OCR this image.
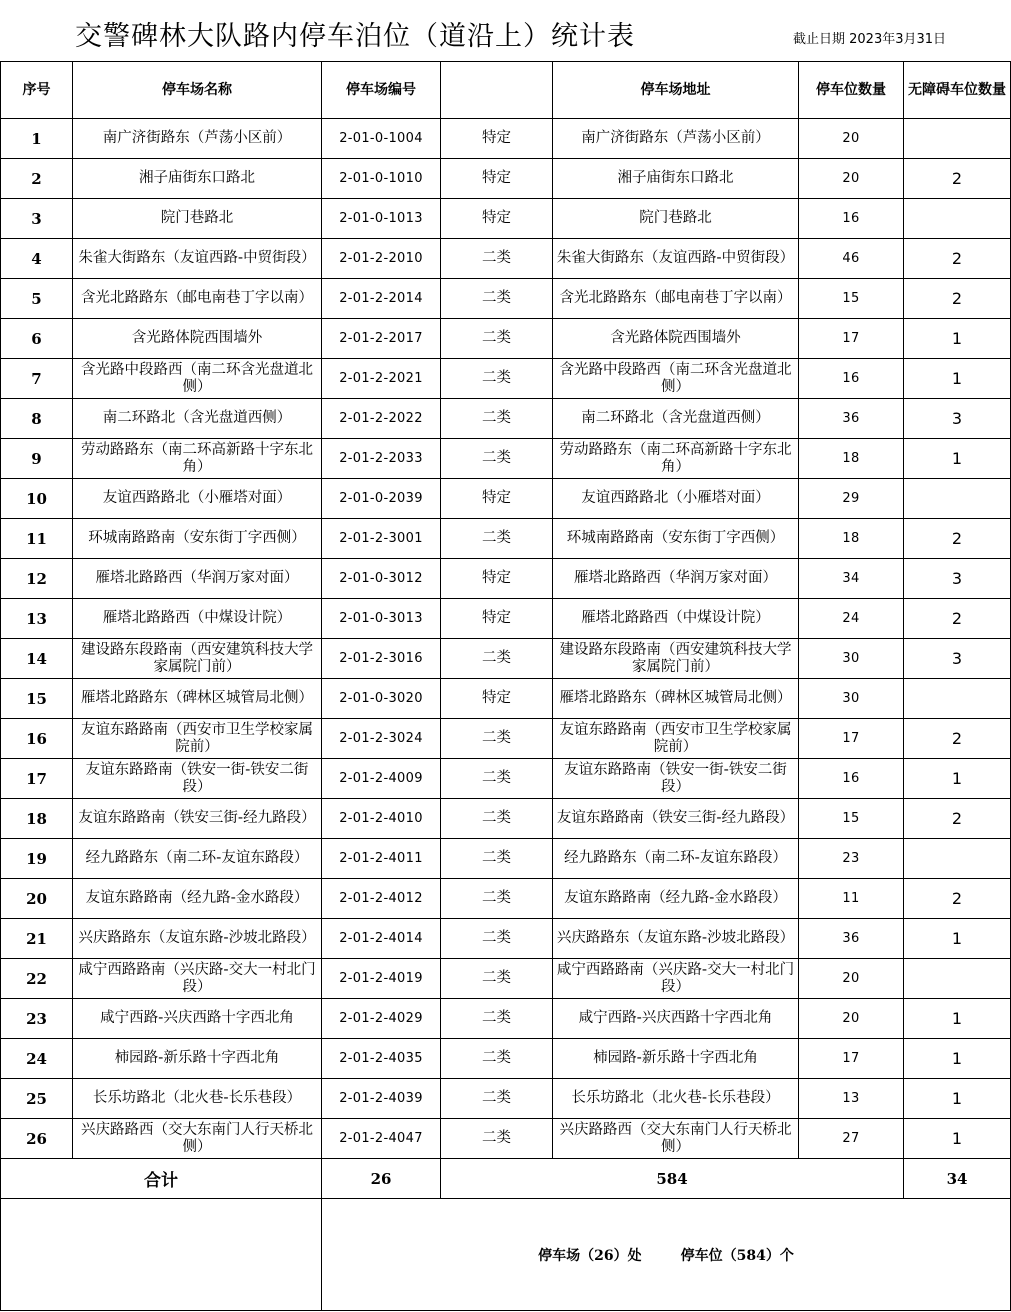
交警碑林大队路内停车泊位（道沿上）统计表	截止日期 2023年3月31日
序号	停车场名称	停车场编号		停车场地址	停车位数量	无障碍车位数量
1	南广济街路东（芦荡小区前）	2-01-0-1004	特定	南广济街路东（芦荡小区前）	20	
2	湘子庙街东口路北	2-01-0-1010	特定	湘子庙街东口路北	20	2
3	院门巷路北	2-01-0-1013	特定	院门巷路北	16	
4	朱雀大街路东（友谊西路-中贸街段）	2-01-2-2010	二类	朱雀大街路东（友谊西路-中贸街段）	46	2
5	含光北路路东（邮电南巷丁字以南）	2-01-2-2014	二类	含光北路路东（邮电南巷丁字以南）	15	2
6	含光路体院西围墙外	2-01-2-2017	二类	含光路体院西围墙外	17	1
7	含光路中段路西（南二环含光盘道北侧）	2-01-2-2021	二类	含光路中段路西（南二环含光盘道北侧）	16	1
8	南二环路北（含光盘道西侧）	2-01-2-2022	二类	南二环路北（含光盘道西侧）	36	3
9	劳动路路东（南二环高新路十字东北角）	2-01-2-2033	二类	劳动路路东（南二环高新路十字东北角）	18	1
10	友谊西路路北（小雁塔对面）	2-01-0-2039	特定	友谊西路路北（小雁塔对面）	29	
11	环城南路路南（安东街丁字西侧）	2-01-2-3001	二类	环城南路路南（安东街丁字西侧）	18	2
12	雁塔北路路西（华润万家对面）	2-01-0-3012	特定	雁塔北路路西（华润万家对面）	34	3
13	雁塔北路路西（中煤设计院）	2-01-0-3013	特定	雁塔北路路西（中煤设计院）	24	2
14	建设路东段路南（西安建筑科技大学家属院门前）	2-01-2-3016	二类	建设路东段路南（西安建筑科技大学家属院门前）	30	3
15	雁塔北路路东（碑林区城管局北侧）	2-01-0-3020	特定	雁塔北路路东（碑林区城管局北侧）	30	
16	友谊东路路南（西安市卫生学校家属院前）	2-01-2-3024	二类	友谊东路路南（西安市卫生学校家属院前）	17	2
17	友谊东路路南（铁安一街-铁安二街段）	2-01-2-4009	二类	友谊东路路南（铁安一街-铁安二街段）	16	1
18	友谊东路路南（铁安三街-经九路段）	2-01-2-4010	二类	友谊东路路南（铁安三街-经九路段）	15	2
19	经九路路东（南二环-友谊东路段）	2-01-2-4011	二类	经九路路东（南二环-友谊东路段）	23	
20	友谊东路路南（经九路-金水路段）	2-01-2-4012	二类	友谊东路路南（经九路-金水路段）	11	2
21	兴庆路路东（友谊东路-沙坡北路段）	2-01-2-4014	二类	兴庆路路东（友谊东路-沙坡北路段）	36	1
22	咸宁西路路南（兴庆路-交大一村北门段）	2-01-2-4019	二类	咸宁西路路南（兴庆路-交大一村北门段）	20	
23	咸宁西路-兴庆西路十字西北角	2-01-2-4029	二类	咸宁西路-兴庆西路十字西北角	20	1
24	柿园路-新乐路十字西北角	2-01-2-4035	二类	柿园路-新乐路十字西北角	17	1
25	长乐坊路北（北火巷-长乐巷段）	2-01-2-4039	二类	长乐坊路北（北火巷-长乐巷段）	13	1
26	兴庆路路西（交大东南门人行天桥北侧）	2-01-2-4047	二类	兴庆路路西（交大东南门人行天桥北侧）	27	1
合计		26	584			34
		停车场（26）处        停车位（584）个				
